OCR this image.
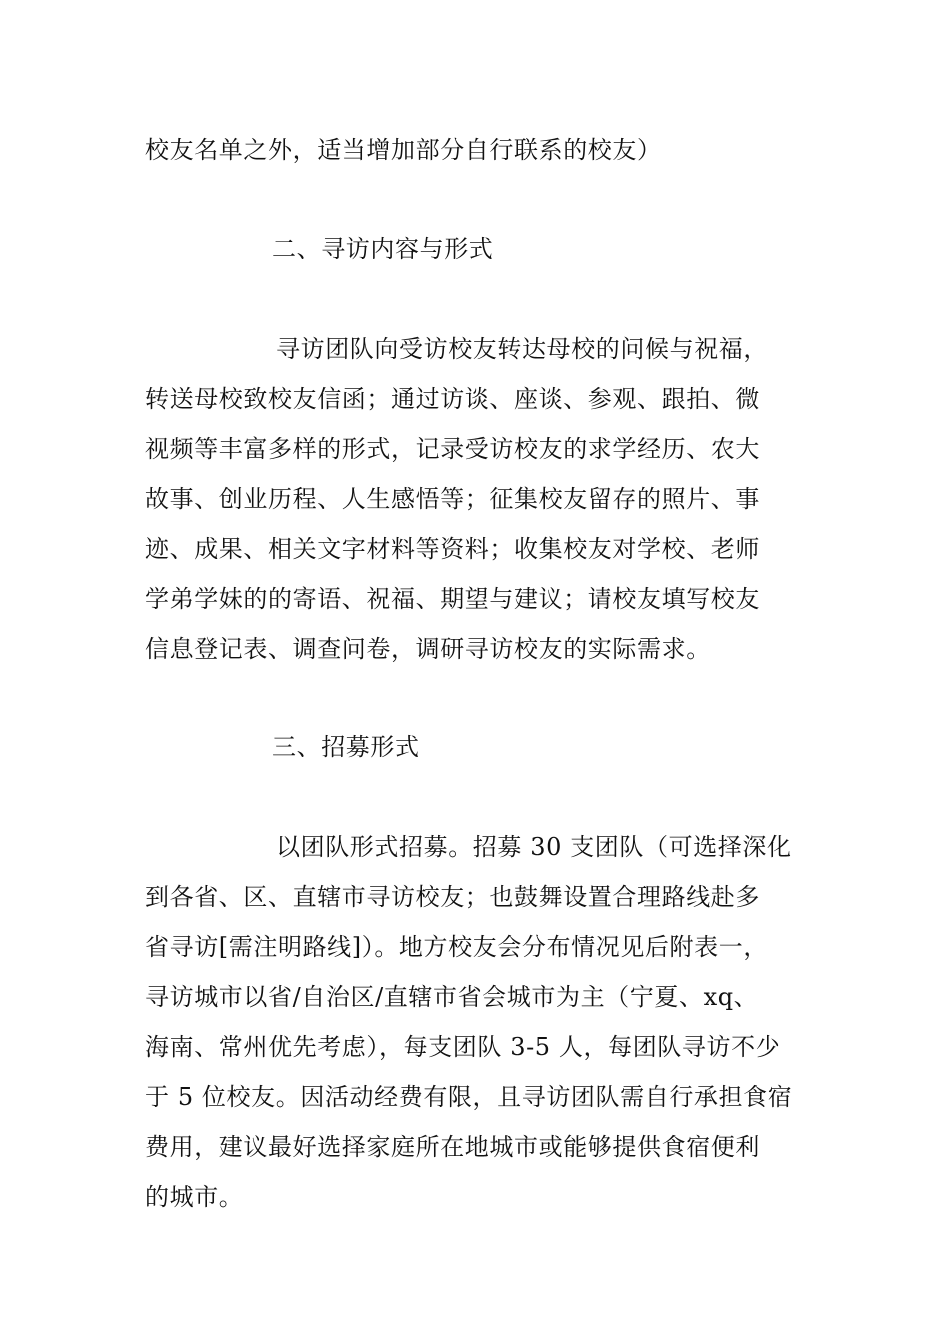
校友名单之外，适当增加部分自行联系的校友）
二、寻访内容与形式
寻访团队向受访校友转达母校的问候与祝福，
转送母校致校友信函；通过访谈、座谈、参观、跟拍、微
视频等丰富多样的形式，记录受访校友的求学经历、农大
故事、创业历程、人生感悟等；征集校友留存的照片、事
迹、成果、相关文字材料等资料；收集校友对学校、老师
学弟学妹的的寄语、祝福、期望与建议；请校友填写校友
信息登记表、调查问卷，调研寻访校友的实际需求。
三、招募形式
以团队形式招募。招募 30 支团队（可选择深化
到各省、区、直辖市寻访校友；也鼓舞设置合理路线赴多
省寻访[需注明路线]）。地方校友会分布情况见后附表一，
寻访城市以省/自治区/直辖市省会城市为主（宁夏、xq、
海南、常州优先考虑），每支团队 3-5 人，每团队寻访不少
于 5 位校友。因活动经费有限，且寻访团队需自行承担食宿
费用，建议最好选择家庭所在地城市或能够提供食宿便利
的城市。
